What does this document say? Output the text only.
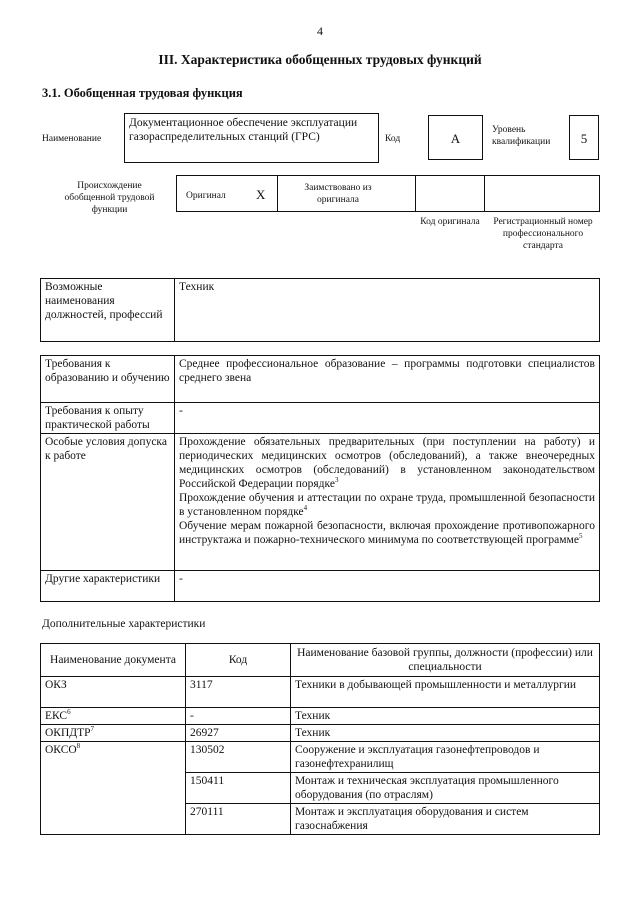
4
III. Характеристика обобщенных трудовых функций
3.1. Обобщенная трудовая функция
Наименование
Документационное обеспечение эксплуатации газораспределительных станций (ГРС)	Код	A
Уровень квалификации	5
Происхождение обобщенной трудовой функции
Оригинал X	Заимствовано из оригинала
Код оригинала	Регистрационный номер профессионального стандарта
Возможные наименования должностей, профессий	Техник
Требования к образованию и обучению	Среднее профессиональное образование – программы подготовки специалистов среднего звена
Требования к опыту практической работы	-
Особые условия допуска к работе	Прохождение обязательных предварительных (при поступлении на работу) и периодических медицинских осмотров (обследований), а также внеочередных медицинских осмотров (обследований) в установленном законодательством Российской Федерации порядке$^3$
Прохождение обучения и аттестации по охране труда, промышленной безопасности в установленном порядке$^4$
Обучение мерам пожарной безопасности, включая прохождение противопожарного инструктажа и пожарно-технического минимума по соответствующей программе$^5$

Другие характеристики	-
Дополнительные характеристики
Наименование документа	Код	Наименование базовой группы, должности (профессии) или специальности
ОКЗ	3117	Техники в добывающей промышленности и металлургии
ЕКС$^6$	-	Техник
ОКПДТР$^7$	26927	Техник
ОКСО$^8$	130502	Сооружение и эксплуатация газонефтепроводов и газонефтехранилищ
	150411	Монтаж и техническая эксплуатация промышленного оборудования (по отраслям)
	270111	Монтаж и эксплуатация оборудования и систем газоснабжения
